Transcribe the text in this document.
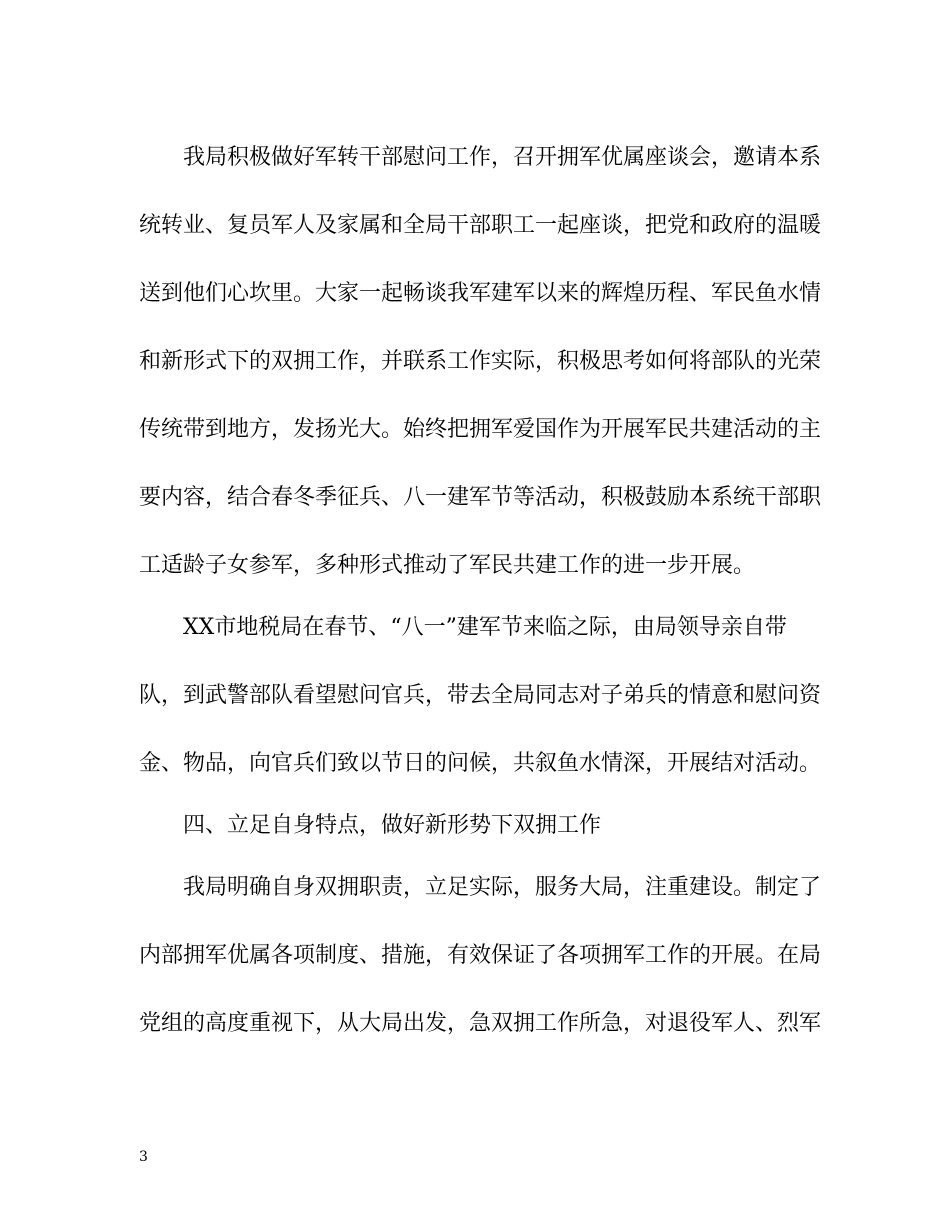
我局积极做好军转干部慰问工作，召开拥军优属座谈会，邀请本系
统转业、复员军人及家属和全局干部职工一起座谈，把党和政府的温暖
送到他们心坎里。大家一起畅谈我军建军以来的辉煌历程、军民鱼水情
和新形式下的双拥工作，并联系工作实际，积极思考如何将部队的光荣
传统带到地方，发扬光大。始终把拥军爱国作为开展军民共建活动的主
要内容，结合春冬季征兵、八一建军节等活动，积极鼓励本系统干部职
工适龄子女参军，多种形式推动了军民共建工作的进一步开展。
XX市地税局在春节、“八一”建军节来临之际，由局领导亲自带
队，到武警部队看望慰问官兵，带去全局同志对子弟兵的情意和慰问资
金、物品，向官兵们致以节日的问候，共叙鱼水情深，开展结对活动。
四、立足自身特点，做好新形势下双拥工作
我局明确自身双拥职责，立足实际，服务大局，注重建设。制定了
内部拥军优属各项制度、措施，有效保证了各项拥军工作的开展。在局
党组的高度重视下，从大局出发，急双拥工作所急，对退役军人、烈军
3
